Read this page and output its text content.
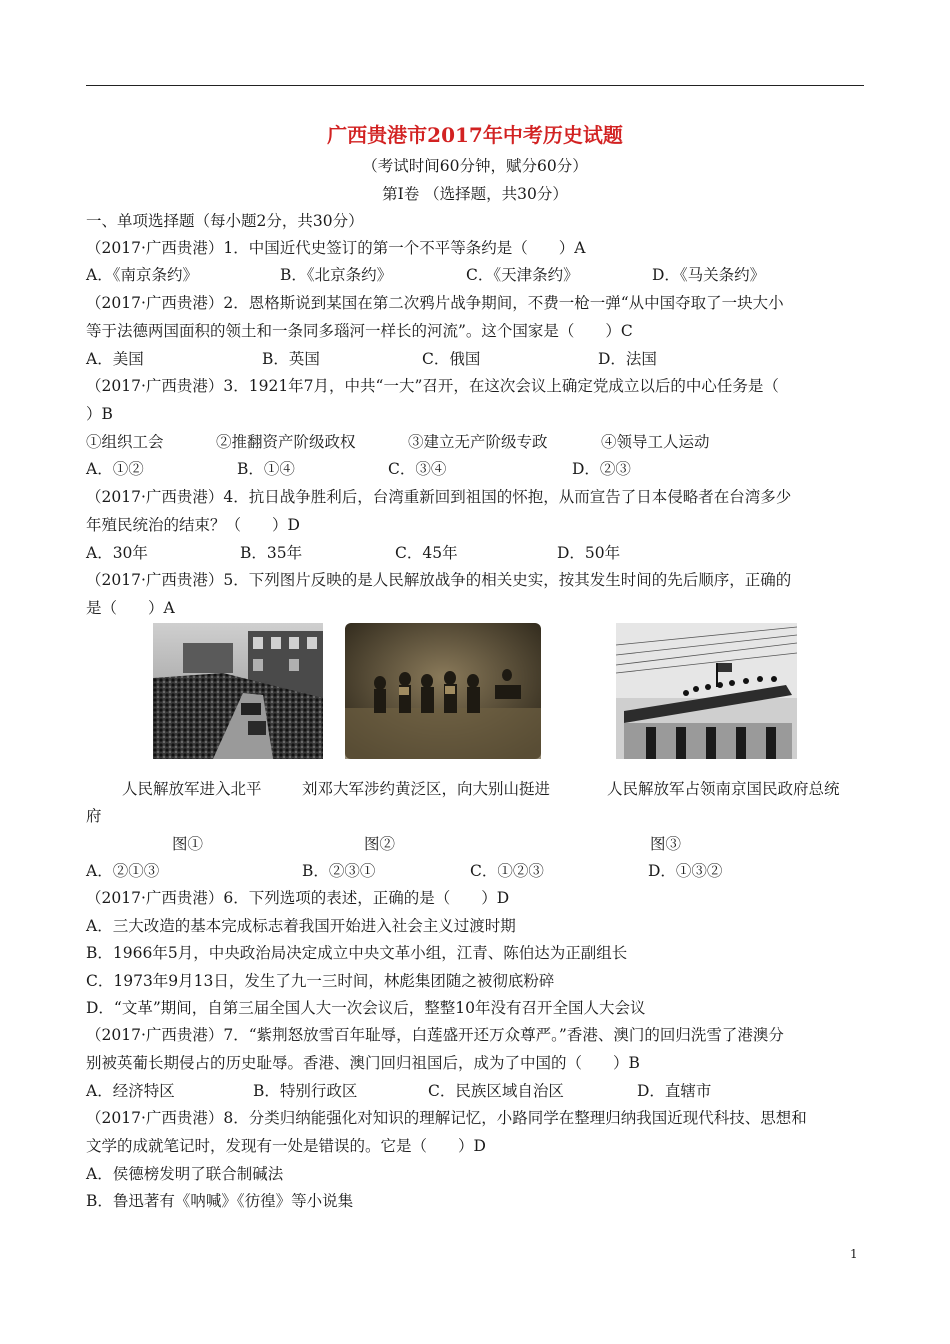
广西贵港市2017年中考历史试题
（考试时间60分钟，赋分60分）
第Ⅰ卷 （选择题，共30分）
一、单项选择题（每小题2分，共30分）
（2017·广西贵港）1．中国近代史签订的第一个不平等条约是（　　）A
A．《南京条约》	B．《北京条约》	C．《天津条约》	D．《马关条约》
（2017·广西贵港）2．恩格斯说到某国在第二次鸦片战争期间，不费一枪一弹“从中国夺取了一块大小
等于法德两国面积的领土和一条同多瑙河一样长的河流”。这个国家是（　　）C
A．美国	B．英国	C．俄国	D．法国
（2017·广西贵港）3．1921年7月，中共“一大”召开，在这次会议上确定党成立以后的中心任务是（
）B
①组织工会	②推翻资产阶级政权	③建立无产阶级专政	④领导工人运动
A．①②	B．①④	C．③④	D．②③
（2017·广西贵港）4．抗日战争胜利后，台湾重新回到祖国的怀抱，从而宣告了日本侵略者在台湾多少
年殖民统治的结束？（　　）D
A．30年	B．35年	C．45年	D．50年
（2017·广西贵港）5．下列图片反映的是人民解放战争的相关史实，按其发生时间的先后顺序，正确的
是（　　）A
人民解放军进入北平	刘邓大军涉约黄泛区，向大别山挺进	人民解放军占领南京国民政府总统
府
图①	图②	图③
A．②①③	B．②③①	C．①②③	D．①③②
（2017·广西贵港）6．下列选项的表述，正确的是（　　）D
A．三大改造的基本完成标志着我国开始进入社会主义过渡时期
B．1966年5月，中央政治局决定成立中央文革小组，江青、陈伯达为正副组长
C．1973年9月13日，发生了九一三时间，林彪集团随之被彻底粉碎
D．“文革”期间，自第三届全国人大一次会议后，整整10年没有召开全国人大会议
（2017·广西贵港）7．“紫荆怒放雪百年耻辱，白莲盛开还万众尊严。”香港、澳门的回归洗雪了港澳分
别被英葡长期侵占的历史耻辱。香港、澳门回归祖国后，成为了中国的（　　）B
A．经济特区	B．特别行政区	C．民族区域自治区	D．直辖市
（2017·广西贵港）8．分类归纳能强化对知识的理解记忆，小路同学在整理归纳我国近现代科技、思想和
文学的成就笔记时，发现有一处是错误的。它是（　　）D
A．侯德榜发明了联合制碱法
B．鲁迅著有《呐喊》《彷徨》等小说集
1
